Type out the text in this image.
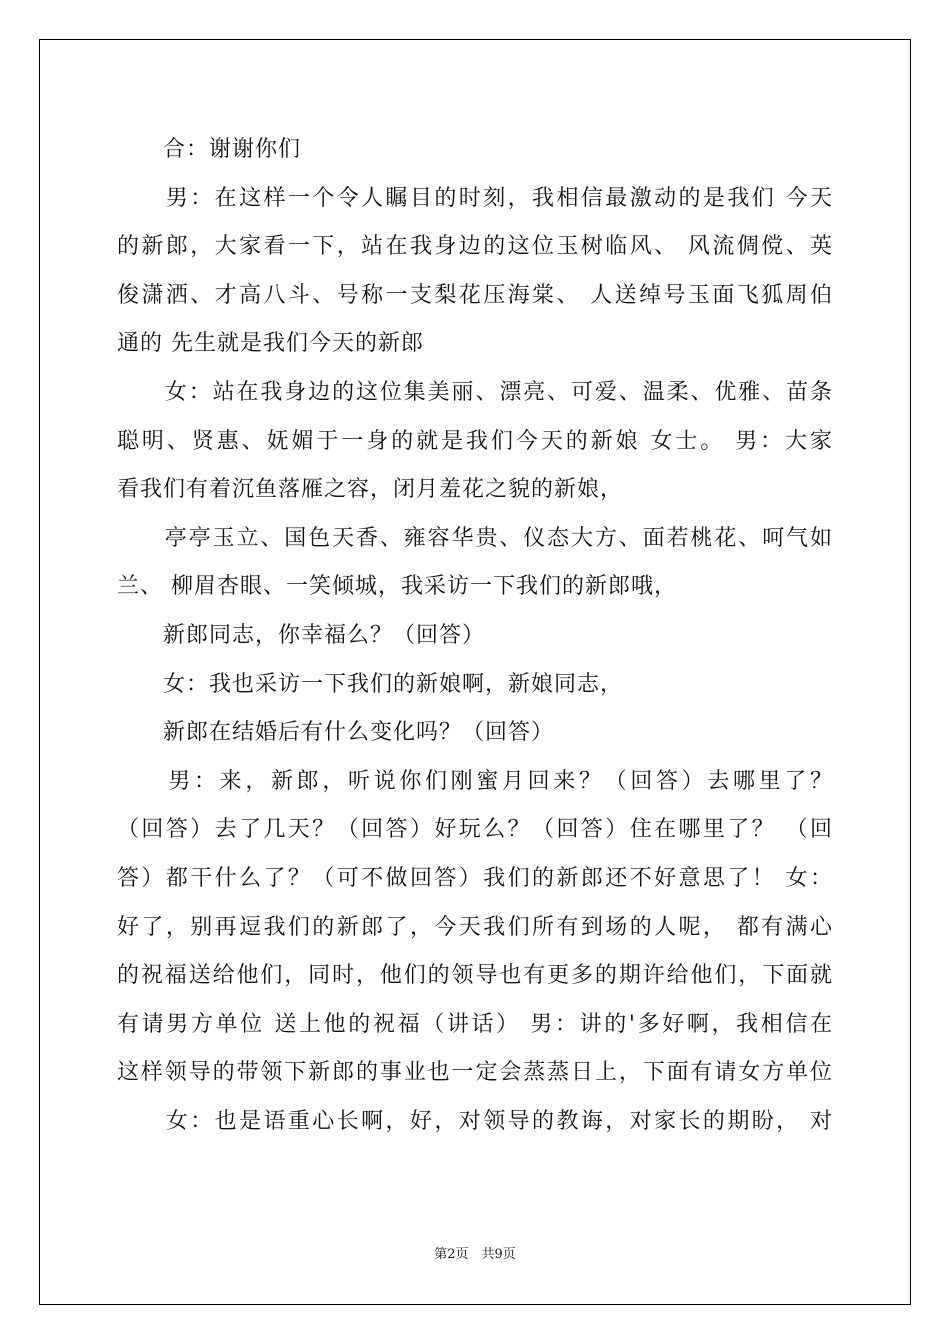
　　合：谢谢你们
　　男：在这样一个令人瞩目的时刻，我相信最激动的是我们 今天
的新郎，大家看一下，站在我身边的这位玉树临风、 风流倜傥、英
俊潇洒、才高八斗、号称一支梨花压海棠、 人送绰号玉面飞狐周伯
通的 先生就是我们今天的新郎
　　女：站在我身边的这位集美丽、漂亮、可爱、温柔、优雅、苗条
聪明、贤惠、妩媚于一身的就是我们今天的新娘 女士。 男：大家
看我们有着沉鱼落雁之容，闭月羞花之貌的新娘，
　　亭亭玉立、国色天香、雍容华贵、仪态大方、面若桃花、呵气如
兰、 柳眉杏眼、一笑倾城，我采访一下我们的新郎哦，
　　新郎同志，你幸福么？（回答）
　　女：我也采访一下我们的新娘啊，新娘同志，
　　新郎在结婚后有什么变化吗？（回答）
　　男：来，新郎，听说你们刚蜜月回来？（回答）去哪里了？
（回答）去了几天？（回答）好玩么？（回答）住在哪里了？ （回
答）都干什么了？（可不做回答）我们的新郎还不好意思了！ 女：
好了，别再逗我们的新郎了，今天我们所有到场的人呢， 都有满心
的祝福送给他们，同时，他们的领导也有更多的期许给他们，下面就
有请男方单位 送上他的祝福（讲话） 男：讲的'多好啊，我相信在
这样领导的带领下新郎的事业也一定会蒸蒸日上，下面有请女方单位
　　女：也是语重心长啊，好，对领导的教诲，对家长的期盼， 对
第2页　共9页
